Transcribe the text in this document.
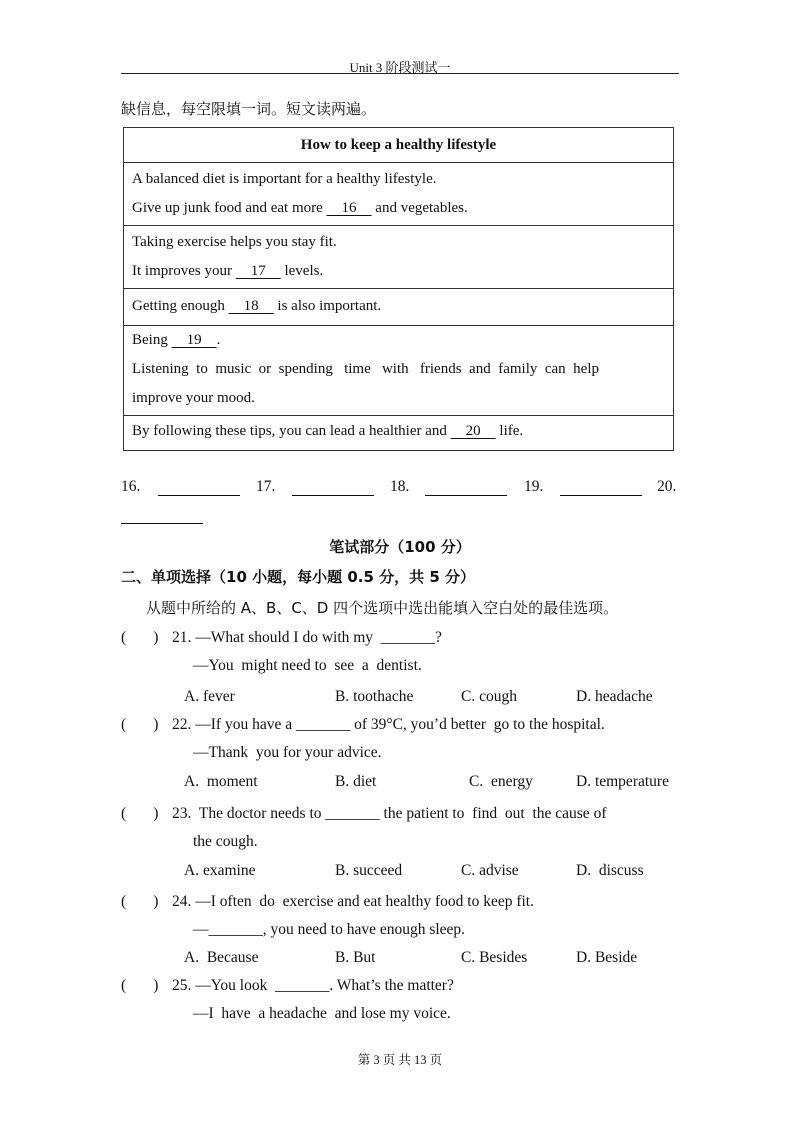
Unit 3 阶段测试一
缺信息，每空限填一词。短文读两遍。
How to keep a healthy lifestyle

A balanced diet is important for a healthy lifestyle.
Give up junk food and eat more 16 and vegetables.

Taking exercise helps you stay fit.
It improves your 17 levels.

Getting enough 18 is also important.

Being 19 .
Listening  to  music  or  spending   time   with   friends  and  family  can  help
improve your mood.

By following these tips, you can lead a healthier and 20 life.
16.	17.	18.	19.	20.
笔试部分（100 分）
二、单项选择（10 小题，每小题 0.5 分，共 5 分）
从题中所给的 A、B、C、D 四个选项中选出能填入空白处的最佳选项。
(       ) 21. —What should I do with my  _______?
—You  might need to  see  a  dentist.
A. fever	B. toothache	C. cough	D. headache
(       ) 22. —If you have a _______ of 39°C, you’d better  go to the hospital.
—Thank  you for your advice.
A.  moment	B. diet	C.  energy	D. temperature
(       ) 23.  The doctor needs to _______ the patient to  find  out  the cause of
the cough.
A. examine	B. succeed	C. advise	D.  discuss
(       ) 24. —I often  do  exercise and eat healthy food to keep fit.
—_______, you need to have enough sleep.
A.  Because	B. But	C. Besides	D. Beside
(       ) 25. —You look  _______. What’s the matter?
—I  have  a headache  and lose my voice.
第 3 页 共 13 页
